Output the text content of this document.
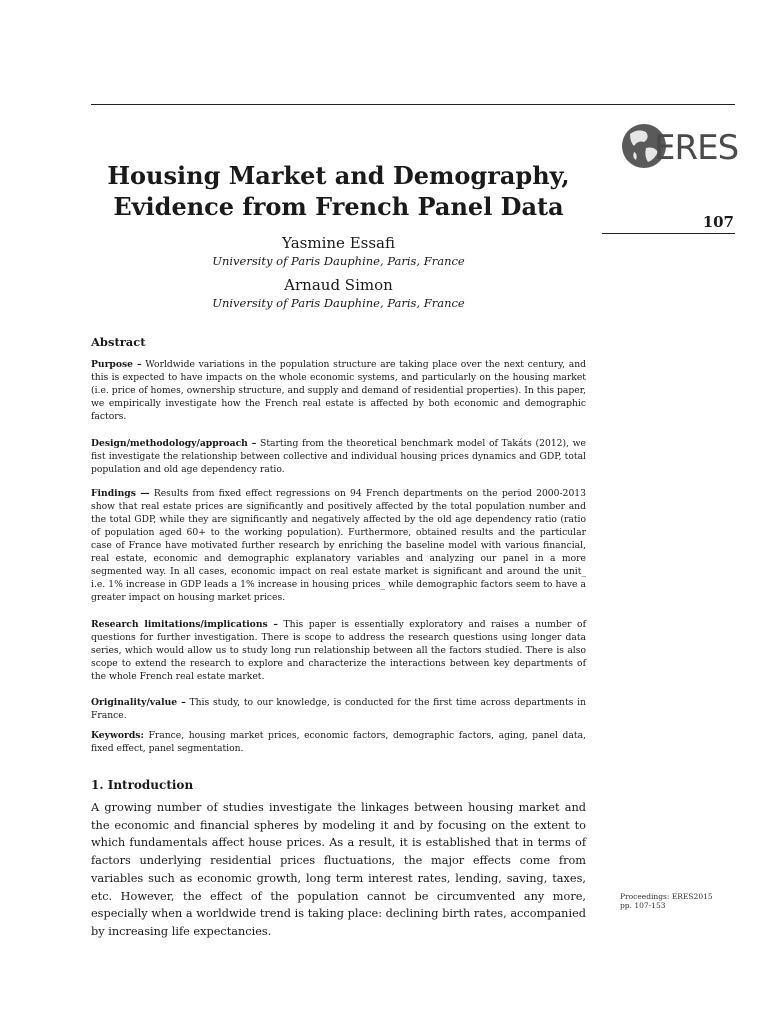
ERES
107
Housing Market and Demography,
Evidence from French Panel Data
Yasmine Essafi
University of Paris Dauphine, Paris, France
Arnaud Simon
University of Paris Dauphine, Paris, France
Abstract

Purpose – Worldwide variations in the population structure are taking place over the next century, and this is expected to have impacts on the whole economic systems, and particularly on the housing market (i.e. price of homes, ownership structure, and supply and demand of residential properties). In this paper, we empirically investigate how the French real estate is affected by both economic and demographic factors.

Design/methodology/approach – Starting from the theoretical benchmark model of Takáts (2012), we fist investigate the relationship between collective and individual housing prices dynamics and GDP, total population and old age dependency ratio.

Findings — Results from fixed effect regressions on 94 French departments on the period 2000-2013 show that real estate prices are significantly and positively affected by the total population number and the total GDP, while they are significantly and negatively affected by the old age dependency ratio (ratio of population aged 60+ to the working population). Furthermore, obtained results and the particular case of France have motivated further research by enriching the baseline model with various financial, real estate, economic and demographic explanatory variables and analyzing our panel in a more segmented way. In all cases, economic impact on real estate market is significant and around the unit_ i.e. 1% increase in GDP leads a 1% increase in housing prices_ while demographic factors seem to have a greater impact on housing market prices.

Research limitations/implications – This paper is essentially exploratory and raises a number of questions for further investigation. There is scope to address the research questions using longer data series, which would allow us to study long run relationship between all the factors studied. There is also scope to extend the research to explore and characterize the interactions between key departments of the whole French real estate market.

Originality/value – This study, to our knowledge, is conducted for the first time across departments in France.

Keywords: France, housing market prices, economic factors, demographic factors, aging, panel data, fixed effect, panel segmentation.

1. Introduction

A growing number of studies investigate the linkages between housing market and the economic and financial spheres by modeling it and by focusing on the extent to which fundamentals affect house prices. As a result, it is established that in terms of factors underlying residential prices fluctuations, the major effects come from variables such as economic growth, long term interest rates, lending, saving, taxes, etc. However, the effect of the population cannot be circumvented any more, especially when a worldwide trend is taking place: declining birth rates, accompanied by increasing life expectancies.

Proceedings: ERES2015
pp. 107-153
